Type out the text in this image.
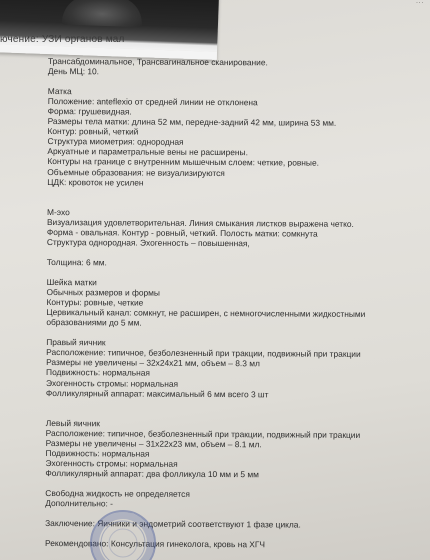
...
ючение: УЗИ органов мал
Трансабдоминальное, Трансвагинальное сканирование.
День МЦ: 10.
Матка
Положение: anteflexio от средней линии не отклонена
Форма: грушевидная.
Размеры тела матки: длина 52 мм, передне-задний 42 мм, ширина 53 мм.
Контур: ровный, четкий
Структура миометрия: однородная
Аркуатные и параметральные вены не расширены.
Контуры на границе с внутренним мышечным слоем: четкие, ровные.
Объемные образования: не визуализируются
ЦДК: кровоток не усилен
М-эхо
Визуализация удовлетворительная. Линия смыкания листков выражена четко.
Форма - овальная. Контур - ровный, четкий. Полость матки: сомкнута
Структура однородная. Эхогенность – повышенная,
Толщина: 6 мм.
Шейка матки
Обычных размеров и формы
Контуры: ровные, четкие
Цервикальный канал: сомкнут, не расширен, с немногочисленными жидкостными
образованиями до 5 мм.
Правый яичник
Расположение: типичное, безболезненный при тракции, подвижный при тракции
Размеры не увеличены – 32x24x21 мм, объем – 8.3 мл
Подвижность: нормальная
Эхогенность стромы: нормальная
Фолликулярный аппарат: максимальный 6 мм всего 3 шт
Левый яичник
Расположение: типичное, безболезненный при тракции, подвижный при тракции
Размеры не увеличены – 31x22x23 мм, объем – 8.1 мл.
Подвижность: нормальная
Эхогенность стромы: нормальная
Фолликулярный аппарат: два фолликула 10 мм и 5 мм
Свободна жидкость не определяется
Дополнительно: -
Заключение: Яичники и эндометрий соответствуют 1 фазе цикла.
Рекомендовано: Консультация гинеколога, кровь на ХГЧ
